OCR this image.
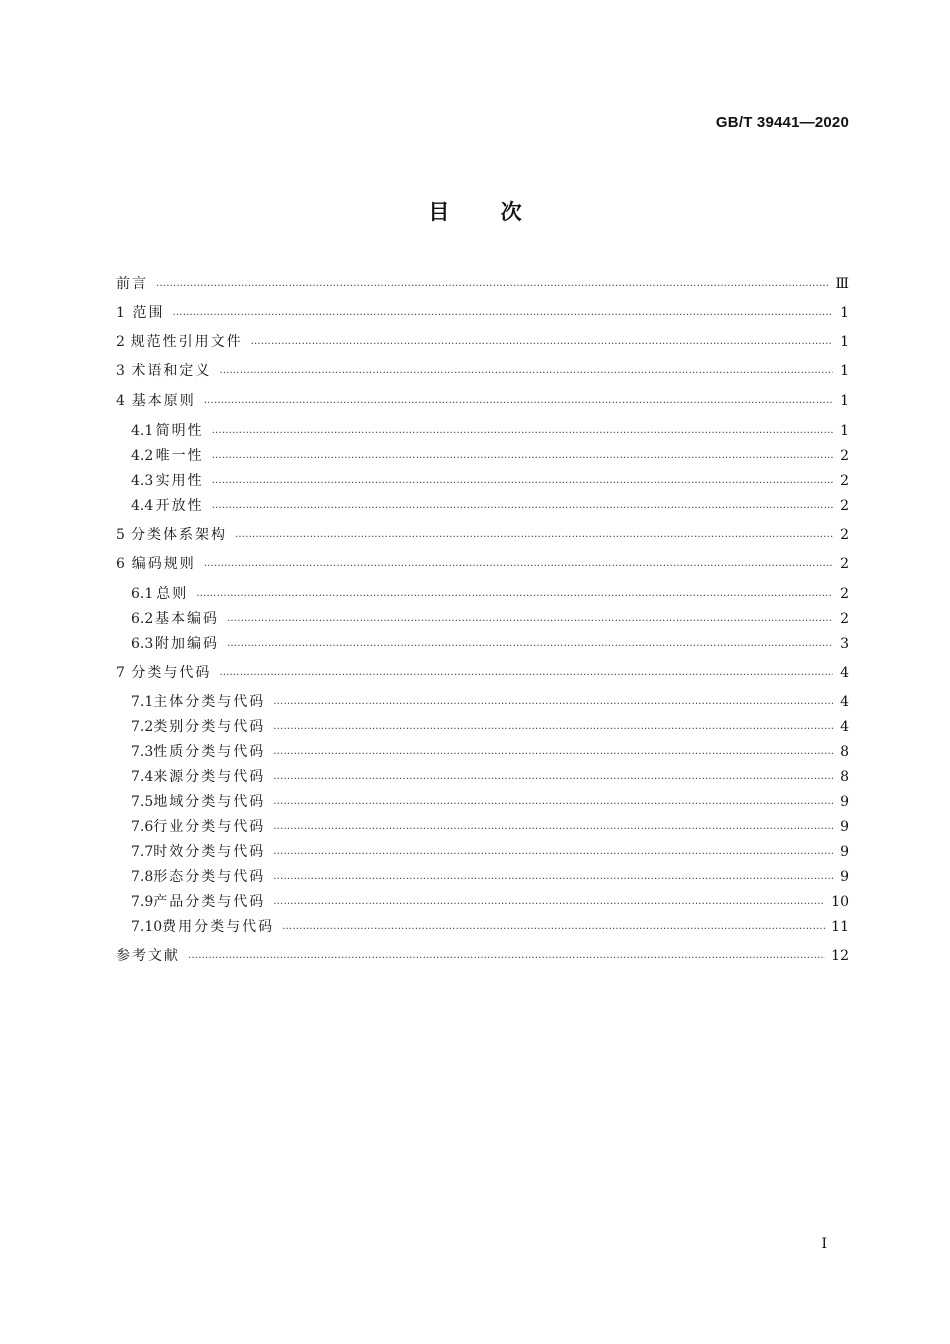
GB/T 39441—2020
目 次
前言 …………………………………………………………………………………………………………………………………………………………………………………………………………………………………………………………	Ⅲ
1 范围 …………………………………………………………………………………………………………………………………………………………………………………………………………………………………………………………	1
2 规范性引用文件 …………………………………………………………………………………………………………………………………………………………………………………………………………………………………………………………	1
3 术语和定义 …………………………………………………………………………………………………………………………………………………………………………………………………………………………………………………………	1
4 基本原则 …………………………………………………………………………………………………………………………………………………………………………………………………………………………………………………………	1
4.1 简明性 …………………………………………………………………………………………………………………………………………………………………………………………………………………………………………………………	1
4.2 唯一性 …………………………………………………………………………………………………………………………………………………………………………………………………………………………………………………………	2
4.3 实用性 …………………………………………………………………………………………………………………………………………………………………………………………………………………………………………………………	2
4.4 开放性 …………………………………………………………………………………………………………………………………………………………………………………………………………………………………………………………	2
5 分类体系架构 …………………………………………………………………………………………………………………………………………………………………………………………………………………………………………………………	2
6 编码规则 …………………………………………………………………………………………………………………………………………………………………………………………………………………………………………………………	2
6.1 总则 …………………………………………………………………………………………………………………………………………………………………………………………………………………………………………………………	2
6.2 基本编码 …………………………………………………………………………………………………………………………………………………………………………………………………………………………………………………………	2
6.3 附加编码 …………………………………………………………………………………………………………………………………………………………………………………………………………………………………………………………	3
7 分类与代码 …………………………………………………………………………………………………………………………………………………………………………………………………………………………………………………………	4
7.1 主体分类与代码 …………………………………………………………………………………………………………………………………………………………………………………………………………………………………………………………	4
7.2 类别分类与代码 …………………………………………………………………………………………………………………………………………………………………………………………………………………………………………………………	4
7.3 性质分类与代码 …………………………………………………………………………………………………………………………………………………………………………………………………………………………………………………………	8
7.4 来源分类与代码 …………………………………………………………………………………………………………………………………………………………………………………………………………………………………………………………	8
7.5 地域分类与代码 …………………………………………………………………………………………………………………………………………………………………………………………………………………………………………………………	9
7.6 行业分类与代码 …………………………………………………………………………………………………………………………………………………………………………………………………………………………………………………………	9
7.7 时效分类与代码 …………………………………………………………………………………………………………………………………………………………………………………………………………………………………………………………	9
7.8 形态分类与代码 …………………………………………………………………………………………………………………………………………………………………………………………………………………………………………………………	9
7.9 产品分类与代码 …………………………………………………………………………………………………………………………………………………………………………………………………………………………………………………………	10
7.10 费用分类与代码 …………………………………………………………………………………………………………………………………………………………………………………………………………………………………………………………	11
参考文献 …………………………………………………………………………………………………………………………………………………………………………………………………………………………………………………………	12
Ⅰ
